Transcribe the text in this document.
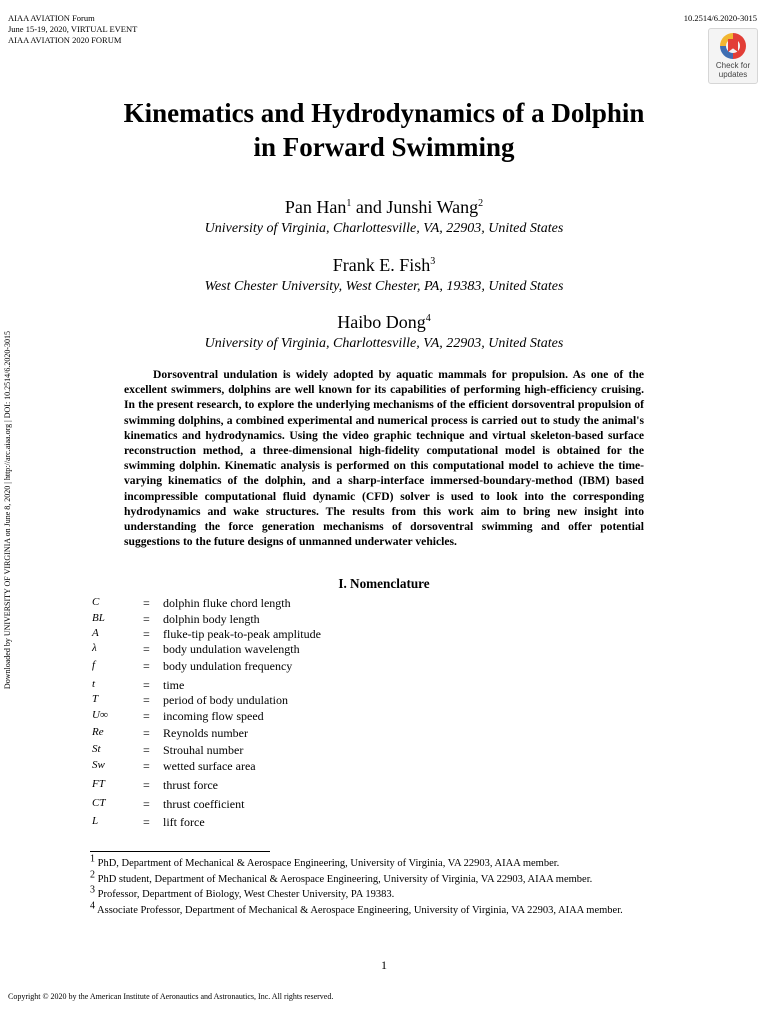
AIAA AVIATION Forum
June 15-19, 2020, VIRTUAL EVENT
AIAA AVIATION 2020 FORUM
10.2514/6.2020-3015
Check for
updates
Downloaded by UNIVERSITY OF VIRGINIA on June 8, 2020 | http://arc.aiaa.org | DOI: 10.2514/6.2020-3015
Kinematics and Hydrodynamics of a Dolphin
in Forward Swimming
Pan Han$^1$ and Junshi Wang$^2$
University of Virginia, Charlottesville, VA, 22903, United States
Frank E. Fish$^3$
West Chester University, West Chester, PA, 19383, United States
Haibo Dong$^4$
University of Virginia, Charlottesville, VA, 22903, United States

Dorsoventral undulation is widely adopted by aquatic mammals for propulsion. As one of the excellent swimmers, dolphins are well known for its capabilities of performing high-efficiency cruising. In the present research, to explore the underlying mechanisms of the efficient dorsoventral propulsion of swimming dolphins, a combined experimental and numerical process is carried out to study the animal's kinematics and hydrodynamics. Using the video graphic technique and virtual skeleton-based surface reconstruction method, a three-dimensional high-fidelity computational model is obtained for the swimming dolphin. Kinematic analysis is performed on this computational model to achieve the time-varying kinematics of the dolphin, and a sharp-interface immersed-boundary-method (IBM) based incompressible computational fluid dynamic (CFD) solver is used to look into the corresponding hydrodynamics and wake structures. The results from this work aim to bring new insight into understanding the force generation mechanisms of dorsoventral swimming and offer potential suggestions to the future designs of unmanned underwater vehicles.

I. Nomenclature
C	=	dolphin fluke chord length
BL	=	dolphin body length
A	=	fluke-tip peak-to-peak amplitude
λ	=	body undulation wavelength
f	=	body undulation frequency
t	=	time
T	=	period of body undulation
U∞	=	incoming flow speed
Re	=	Reynolds number
St	=	Strouhal number
Sw	=	wetted surface area
FT	=	thrust force
CT	=	thrust coefficient
L	=	lift force
$^1$ PhD, Department of Mechanical & Aerospace Engineering, University of Virginia, VA 22903, AIAA member.
$^2$ PhD student, Department of Mechanical & Aerospace Engineering, University of Virginia, VA 22903, AIAA member.
$^3$ Professor, Department of Biology, West Chester University, PA 19383.
$^4$ Associate Professor, Department of Mechanical & Aerospace Engineering, University of Virginia, VA 22903, AIAA member.
1
Copyright © 2020 by the American Institute of Aeronautics and Astronautics, Inc. All rights reserved.
